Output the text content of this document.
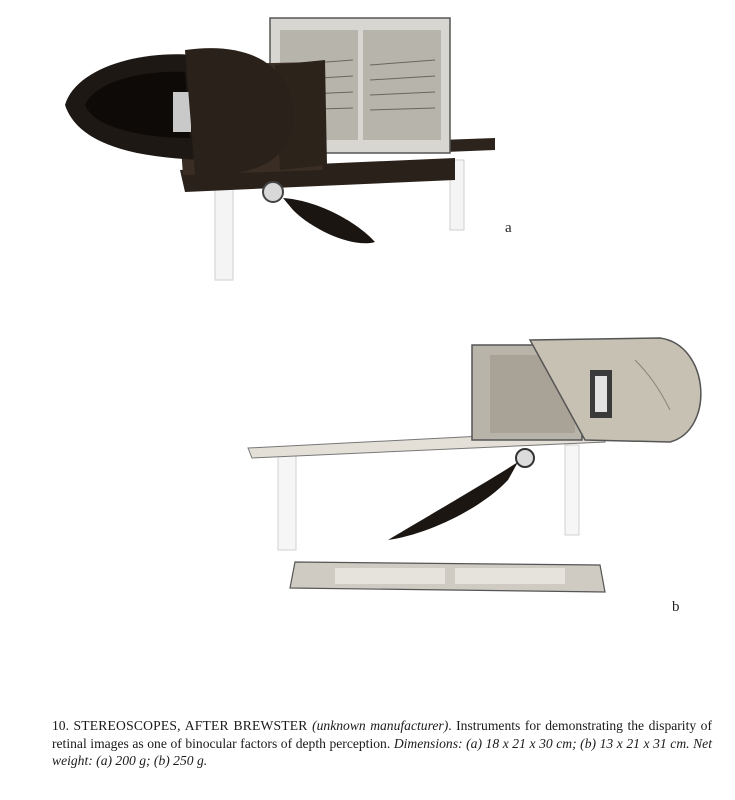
a
b
10. STEREOSCOPES, AFTER BREWSTER (unknown manufacturer). Instruments for demonstrating the disparity of retinal images as one of binocular factors of depth perception. Dimensions: (a) 18 x 21 x 30 cm; (b) 13 x 21 x 31 cm. Net weight: (a) 200 g; (b) 250 g.
